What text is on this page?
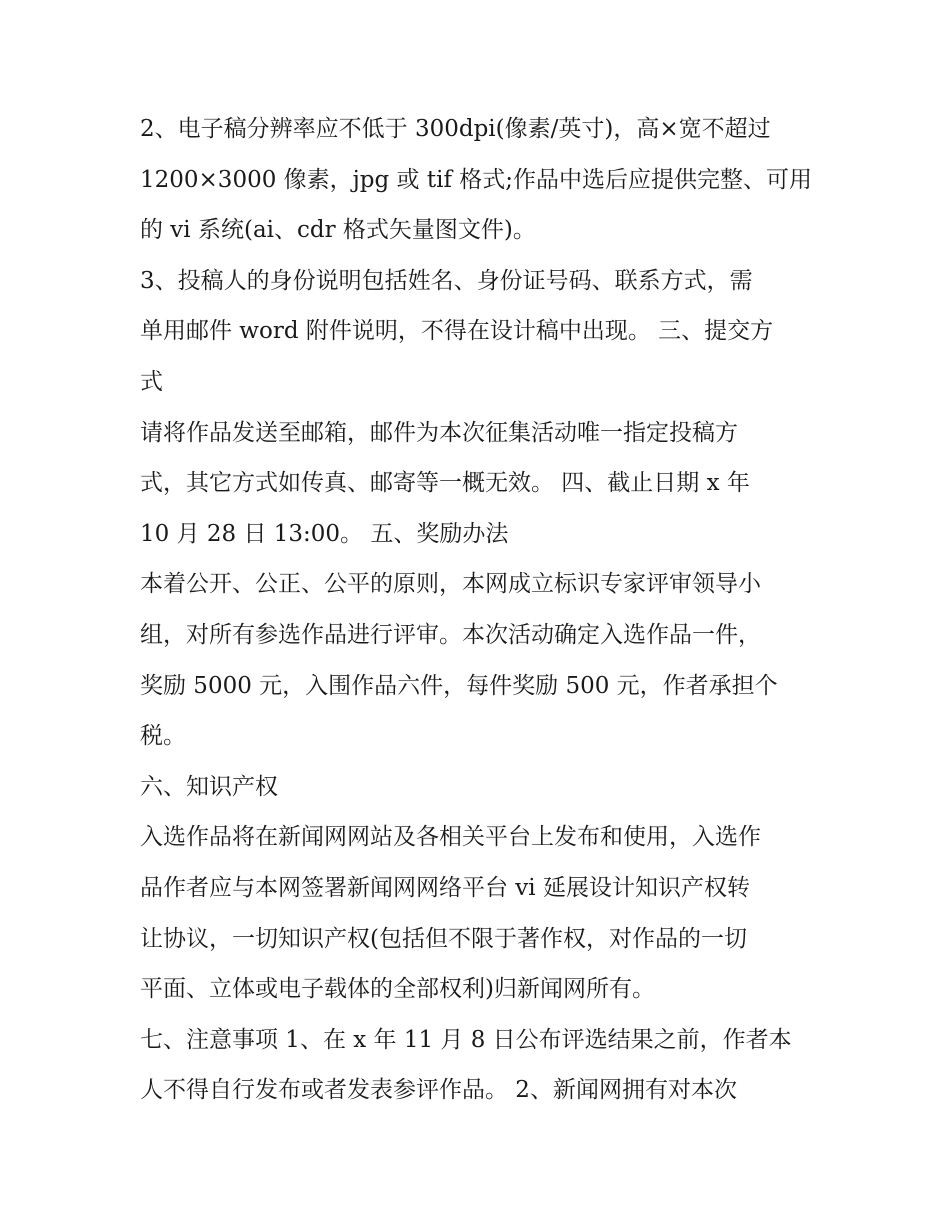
2、电子稿分辨率应不低于 300dpi(像素/英寸)，高×宽不超过
1200×3000 像素，jpg 或 tif 格式;作品中选后应提供完整、可用
的 vi 系统(ai、cdr 格式矢量图文件)。

3、投稿人的身份说明包括姓名、身份证号码、联系方式，需
单用邮件 word 附件说明，不得在设计稿中出现。 三、提交方
式

请将作品发送至邮箱，邮件为本次征集活动唯一指定投稿方
式，其它方式如传真、邮寄等一概无效。 四、截止日期 x 年
10 月 28 日 13:00。 五、奖励办法

本着公开、公正、公平的原则，本网成立标识专家评审领导小
组，对所有参选作品进行评审。本次活动确定入选作品一件，
奖励 5000 元，入围作品六件，每件奖励 500 元，作者承担个
税。

六、知识产权

入选作品将在新闻网网站及各相关平台上发布和使用，入选作
品作者应与本网签署新闻网网络平台 vi 延展设计知识产权转
让协议，一切知识产权(包括但不限于著作权，对作品的一切
平面、立体或电子载体的全部权利)归新闻网所有。

七、注意事项 1、在 x 年 11 月 8 日公布评选结果之前，作者本
人不得自行发布或者发表参评作品。 2、新闻网拥有对本次
